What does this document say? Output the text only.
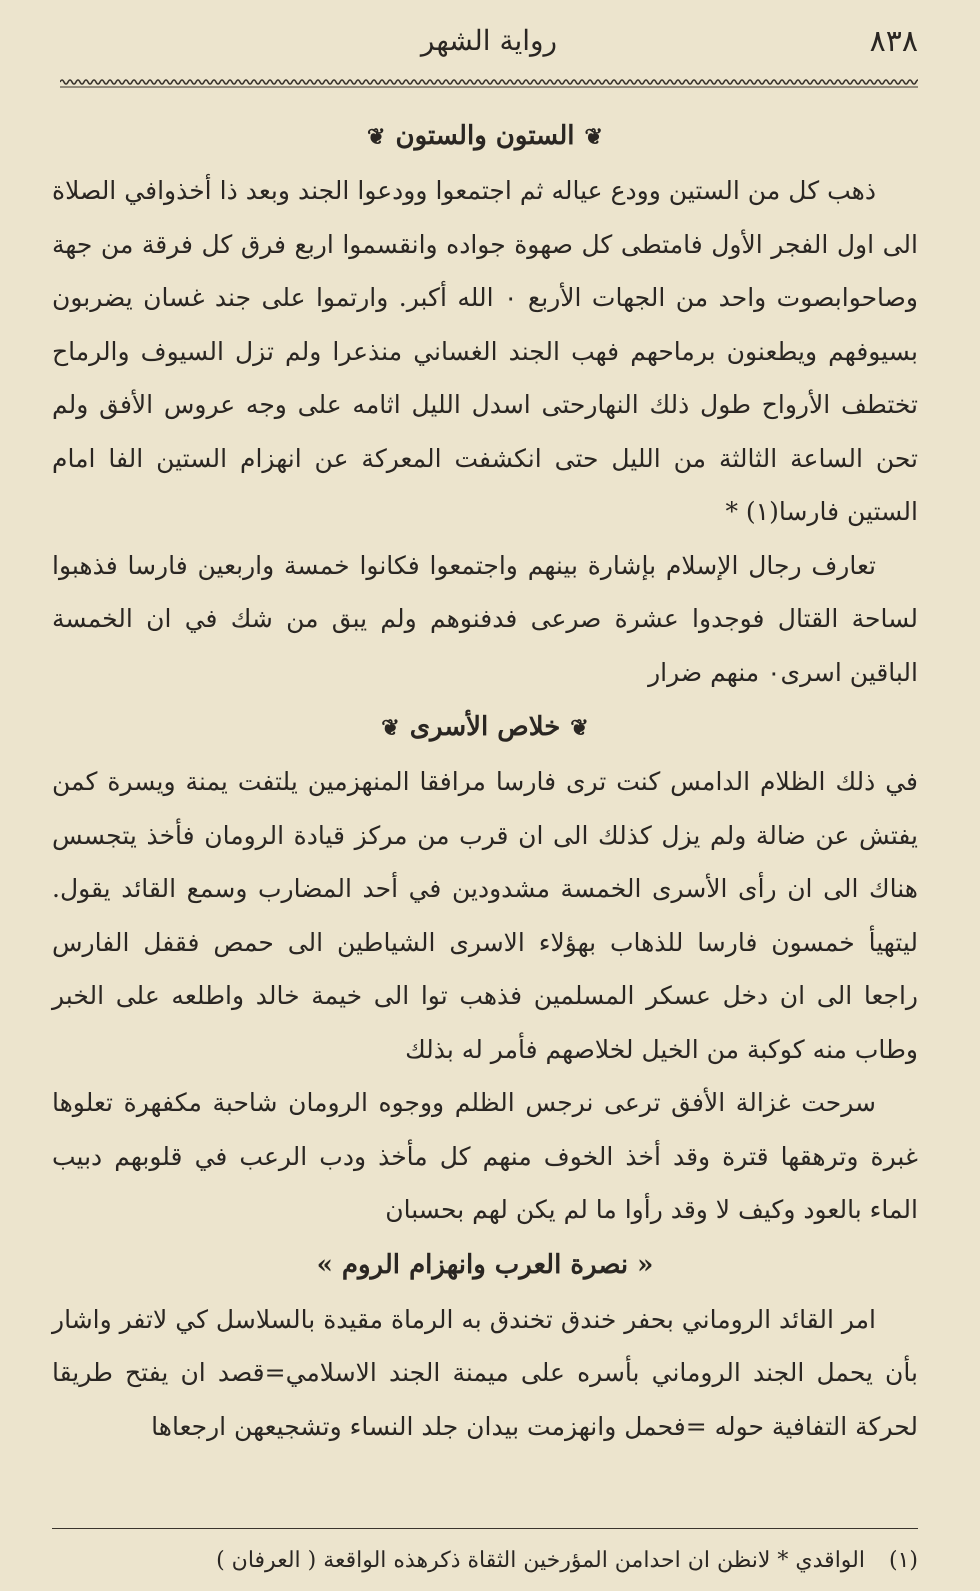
٨٣٨
رواية الشهر
❦الستون والستون❦

ذهب كل من الستين وودع عياله ثم اجتمعوا وودعوا الجند وبعد ذا أخذوافي الصلاة الى اول الفجر الأول فامتطى كل صهوة جواده وانقسموا اربع فرق كل فرقة من جهة وصاحوابصوت واحد من الجهات الأربع ٠ الله أكبر. وارتموا على جند غسان يضربون بسيوفهم ويطعنون برماحهم فهب الجند الغساني منذعرا ولم تزل السيوف والرماح تختطف الأرواح طول ذلك النهارحتى اسدل الليل اثامه على وجه عروس الأفق ولم تحن الساعة الثالثة من الليل حتى انكشفت المعركة عن انهزام الستين الفا امام الستين فارسا(١) *

تعارف رجال الإسلام بإشارة بينهم واجتمعوا فكانوا خمسة واربعين فارسا فذهبوا لساحة القتال فوجدوا عشرة صرعى فدفنوهم ولم يبق من شك في ان الخمسة الباقين اسرى٠ منهم ضرار

❦خلاص الأسرى❦

في ذلك الظلام الدامس كنت ترى فارسا مرافقا المنهزمين يلتفت يمنة ويسرة كمن يفتش عن ضالة ولم يزل كذلك الى ان قرب من مركز قيادة الرومان فأخذ يتجسس هناك الى ان رأى الأسرى الخمسة مشدودين في أحد المضارب وسمع القائد يقول. ليتهيأ خمسون فارسا للذهاب بهؤلاء الاسرى الشياطين الى حمص فقفل الفارس راجعا الى ان دخل عسكر المسلمين فذهب توا الى خيمة خالد واطلعه على الخبر وطاب منه كوكبة من الخيل لخلاصهم فأمر له بذلك

سرحت غزالة الأفق ترعى نرجس الظلم ووجوه الرومان شاحبة مكفهرة تعلوها غبرة وترهقها قترة وقد أخذ الخوف منهم كل مأخذ ودب الرعب في قلوبهم دبيب الماء بالعود وكيف لا وقد رأوا ما لم يكن لهم بحسبان

« نصرة العرب وانهزام الروم »

امر القائد الروماني بحفر خندق تخندق به الرماة مقيدة بالسلاسل كي لاتفر واشار بأن يحمل الجند الروماني بأسره على ميمنة الجند الاسلامي=قصد ان يفتح طريقا لحركة التفافية حوله =فحمل وانهزمت بيدان جلد النساء وتشجيعهن ارجعاها

(١)الواقدي * لانظن ان احدامن المؤرخين الثقاة ذكرهذه الواقعة ( العرفان )
